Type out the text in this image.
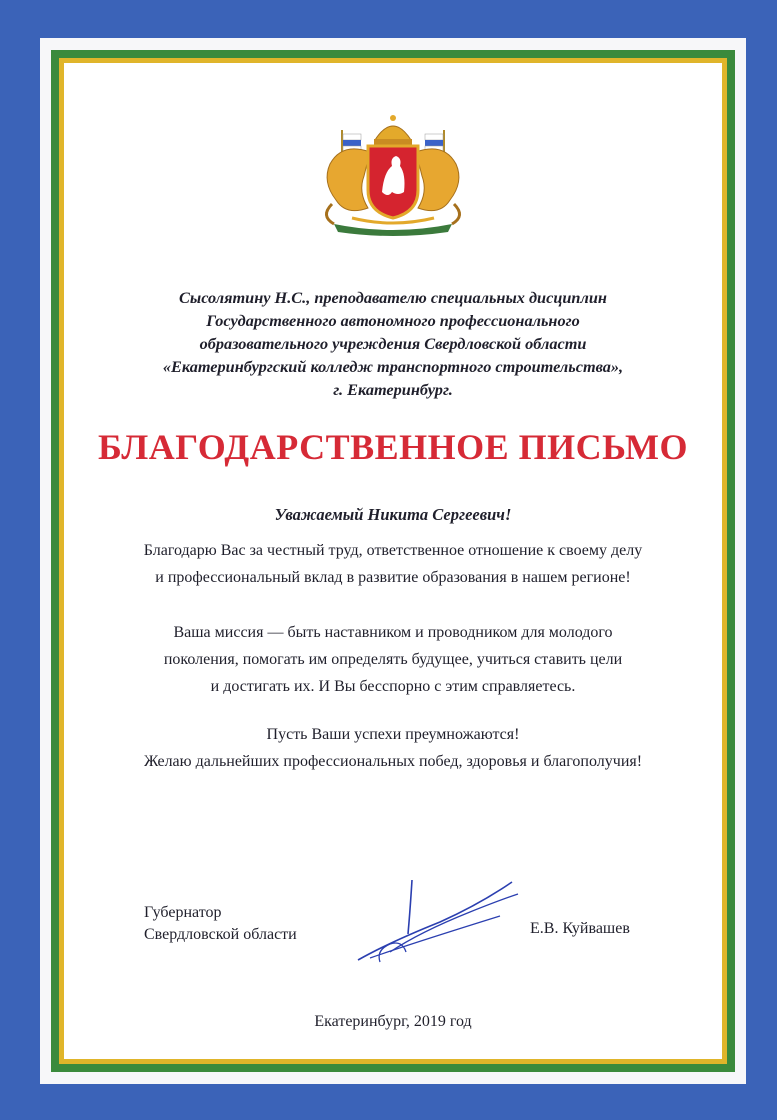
Сысолятину Н.С., преподавателю специальных дисциплин
Государственного автономного профессионального
образовательного учреждения Свердловской области
«Екатеринбургский колледж транспортного строительства»,
г. Екатеринбург.
БЛАГОДАРСТВЕННОЕ ПИСЬМО
Уважаемый Никита Сергеевич!
Благодарю Вас за честный труд, ответственное отношение к своему делу
и профессиональный вклад в развитие образования в нашем регионе!
Ваша миссия — быть наставником и проводником для молодого
поколения, помогать им определять будущее, учиться ставить цели
и достигать их. И Вы бесспорно с этим справляетесь.
Пусть Ваши успехи преумножаются!
Желаю дальнейших профессиональных побед, здоровья и благополучия!
Губернатор
Свердловской области	Е.В. Куйвашев
Екатеринбург, 2019 год
